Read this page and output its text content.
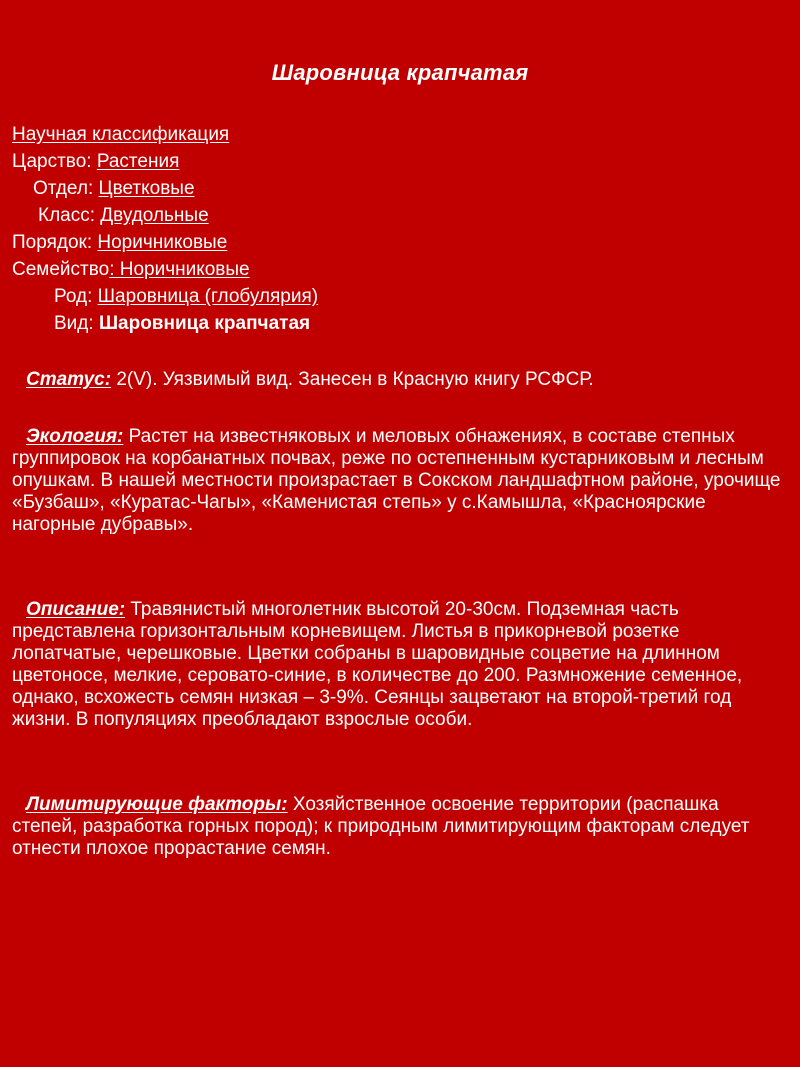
Шаровница крапчатая
Научная классификация
Царство: Растения
Отдел: Цветковые
Класс: Двудольные
Порядок: Норичниковые
Семейство: Норичниковые
Род: Шаровница (глобулярия)
Вид: Шаровница крапчатая
Статус: 2(V). Уязвимый вид. Занесен в Красную книгу РСФСР.
Экология: Растет на известняковых и меловых обнажениях, в составе степных группировок на корбанатных почвах, реже по остепненным кустарниковым и лесным опушкам. В нашей местности произрастает в Сокском ландшафтном районе, урочище «Бузбаш», «Куратас-Чагы», «Каменистая степь» у с.Камышла, «Красноярские нагорные дубравы».
Описание: Травянистый многолетник высотой 20-30см. Подземная часть представлена горизонтальным корневищем. Листья в прикорневой розетке лопатчатые, черешковые. Цветки собраны в шаровидные соцветие на длинном цветоносе, мелкие, серовато-синие, в количестве до 200. Размножение семенное, однако, всхожесть семян низкая – 3-9%. Сеянцы зацветают на второй-третий год жизни. В популяциях преобладают взрослые особи.
Лимитирующие факторы: Хозяйственное освоение территории (распашка степей, разработка горных пород); к природным лимитирующим факторам следует отнести плохое прорастание семян.
